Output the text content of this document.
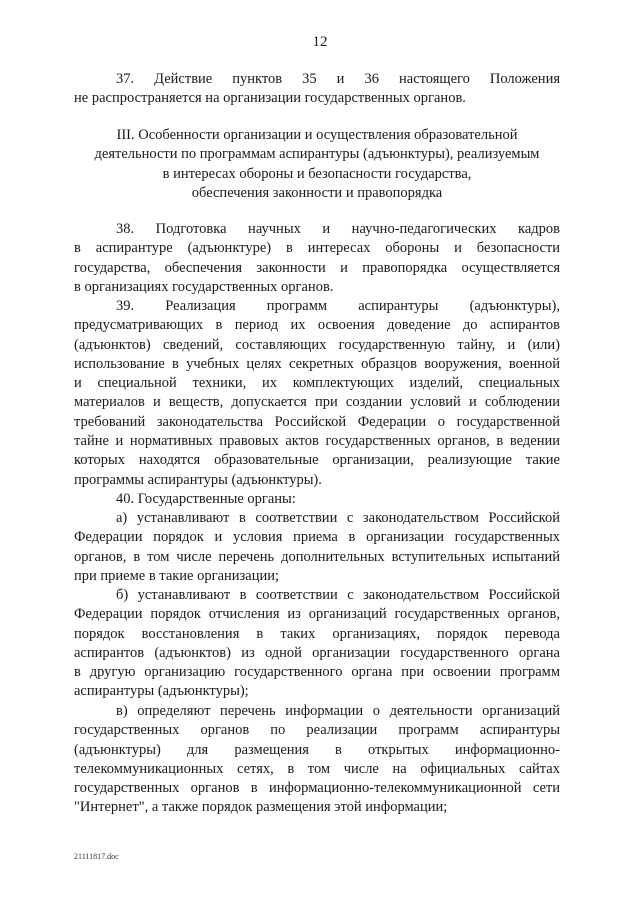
12
37. Действие пунктов 35 и 36 настоящего Положения
не распространяется на организации государственных органов.
III. Особенности организации и осуществления образовательной
деятельности по программам аспирантуры (адъюнктуры), реализуемым
в интересах обороны и безопасности государства,
обеспечения законности и правопорядка
38. Подготовка научных и научно-педагогических кадров
в аспирантуре (адъюнктуре) в интересах обороны и безопасности
государства, обеспечения законности и правопорядка осуществляется
в организациях государственных органов.
39. Реализация программ аспирантуры (адъюнктуры),
предусматривающих в период их освоения доведение до аспирантов
(адъюнктов) сведений, составляющих государственную тайну, и (или)
использование в учебных целях секретных образцов вооружения, военной
и специальной техники, их комплектующих изделий, специальных
материалов и веществ, допускается при создании условий и соблюдении
требований законодательства Российской Федерации о государственной
тайне и нормативных правовых актов государственных органов, в ведении
которых находятся образовательные организации, реализующие такие
программы аспирантуры (адъюнктуры).
40. Государственные органы:
а) устанавливают в соответствии с законодательством Российской
Федерации порядок и условия приема в организации государственных
органов, в том числе перечень дополнительных вступительных испытаний
при приеме в такие организации;
б) устанавливают в соответствии с законодательством Российской
Федерации порядок отчисления из организаций государственных органов,
порядок восстановления в таких организациях, порядок перевода
аспирантов (адъюнктов) из одной организации государственного органа
в другую организацию государственного органа при освоении программ
аспирантуры (адъюнктуры);
в) определяют перечень информации о деятельности организаций
государственных органов по реализации программ аспирантуры
(адъюнктуры) для размещения в открытых информационно-
телекоммуникационных сетях, в том числе на официальных сайтах
государственных органов в информационно-телекоммуникационной сети
"Интернет", а также порядок размещения этой информации;
21111817.doc
